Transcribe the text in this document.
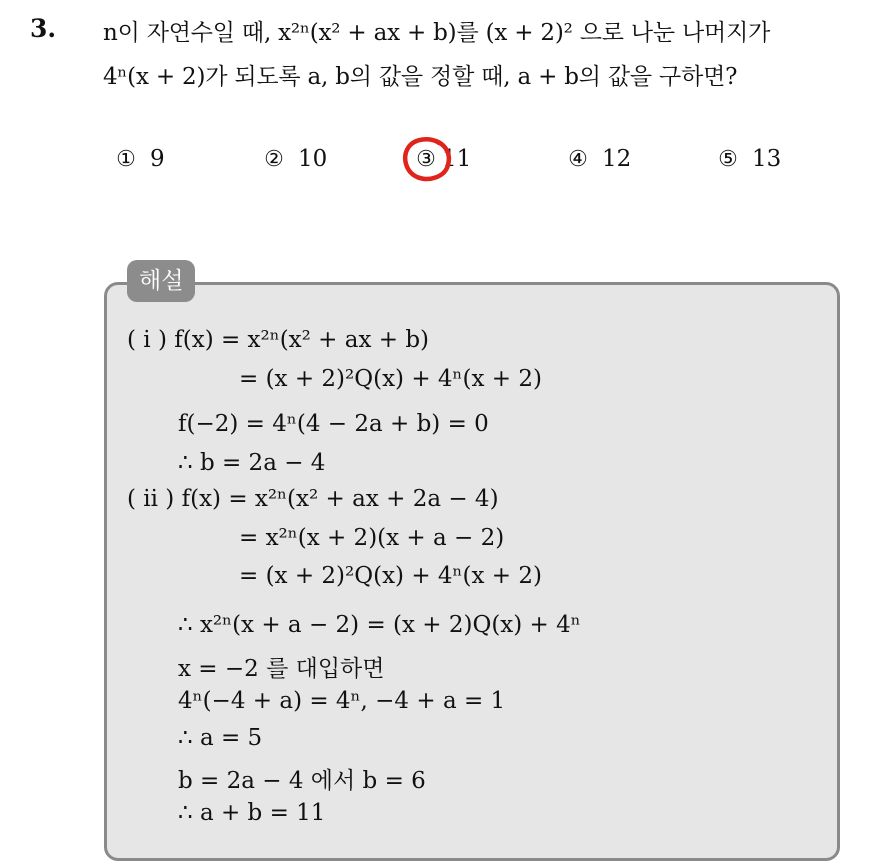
3. n이 자연수일 때, x²ⁿ(x² + ax + b)를 (x + 2)² 으로 나눈 나머지가
4ⁿ(x + 2)가 되도록 a, b의 값을 정할 때, a + b의 값을 구하면?
① 9	② 10	③ 11	④ 12	⑤ 13
해설
( i ) f(x) = x²ⁿ(x² + ax + b)
= (x + 2)²Q(x) + 4ⁿ(x + 2)
f(−2) = 4ⁿ(4 − 2a + b) = 0
∴ b = 2a − 4
( ii ) f(x) = x²ⁿ(x² + ax + 2a − 4)
= x²ⁿ(x + 2)(x + a − 2)
= (x + 2)²Q(x) + 4ⁿ(x + 2)
∴ x²ⁿ(x + a − 2) = (x + 2)Q(x) + 4ⁿ
x = −2 를 대입하면
4ⁿ(−4 + a) = 4ⁿ, −4 + a = 1
∴ a = 5
b = 2a − 4 에서 b = 6
∴ a + b = 11
